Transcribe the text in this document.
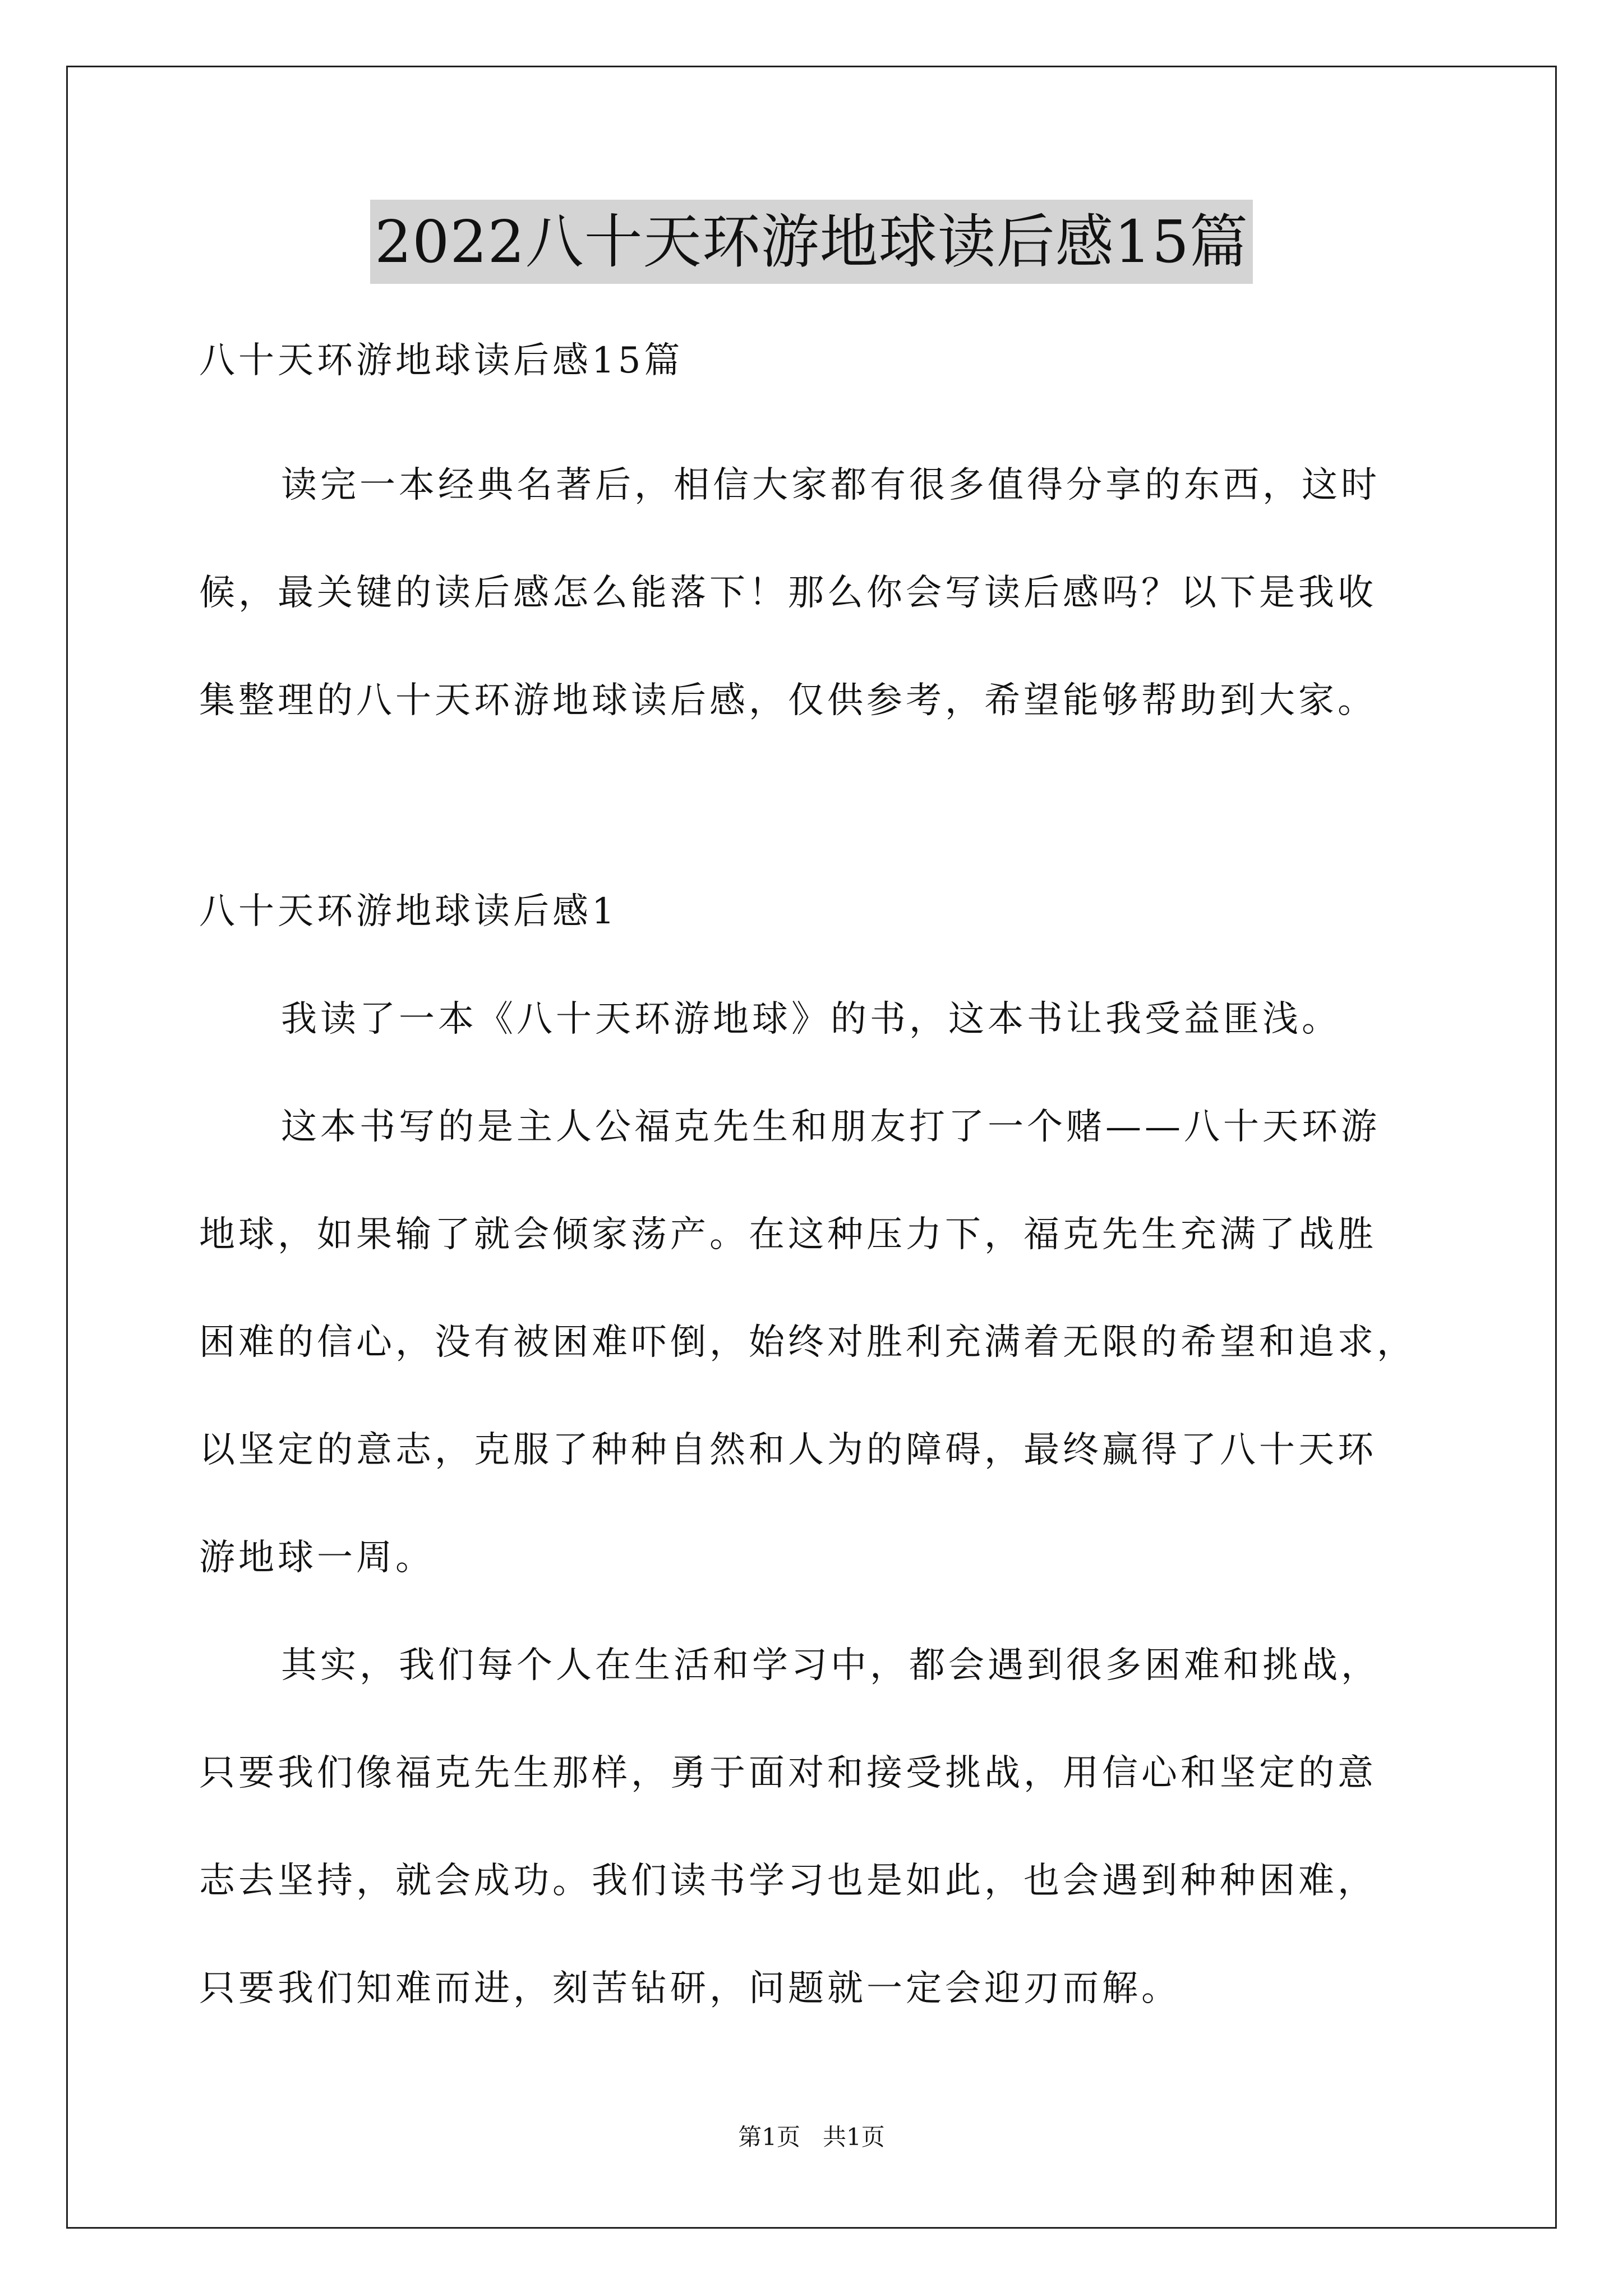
2022八十天环游地球读后感15篇
八十天环游地球读后感15篇
读完一本经典名著后，相信大家都有很多值得分享的东西，这时
候，最关键的读后感怎么能落下！那么你会写读后感吗？以下是我收
集整理的八十天环游地球读后感，仅供参考，希望能够帮助到大家。
八十天环游地球读后感1
我读了一本《八十天环游地球》的书，这本书让我受益匪浅。
这本书写的是主人公福克先生和朋友打了一个赌——八十天环游
地球，如果输了就会倾家荡产。在这种压力下，福克先生充满了战胜
困难的信心，没有被困难吓倒，始终对胜利充满着无限的希望和追求，
以坚定的意志，克服了种种自然和人为的障碍，最终赢得了八十天环
游地球一周。
其实，我们每个人在生活和学习中，都会遇到很多困难和挑战，
只要我们像福克先生那样，勇于面对和接受挑战，用信心和坚定的意
志去坚持，就会成功。我们读书学习也是如此，也会遇到种种困难，
只要我们知难而进，刻苦钻研，问题就一定会迎刃而解。
第1页 共1页
